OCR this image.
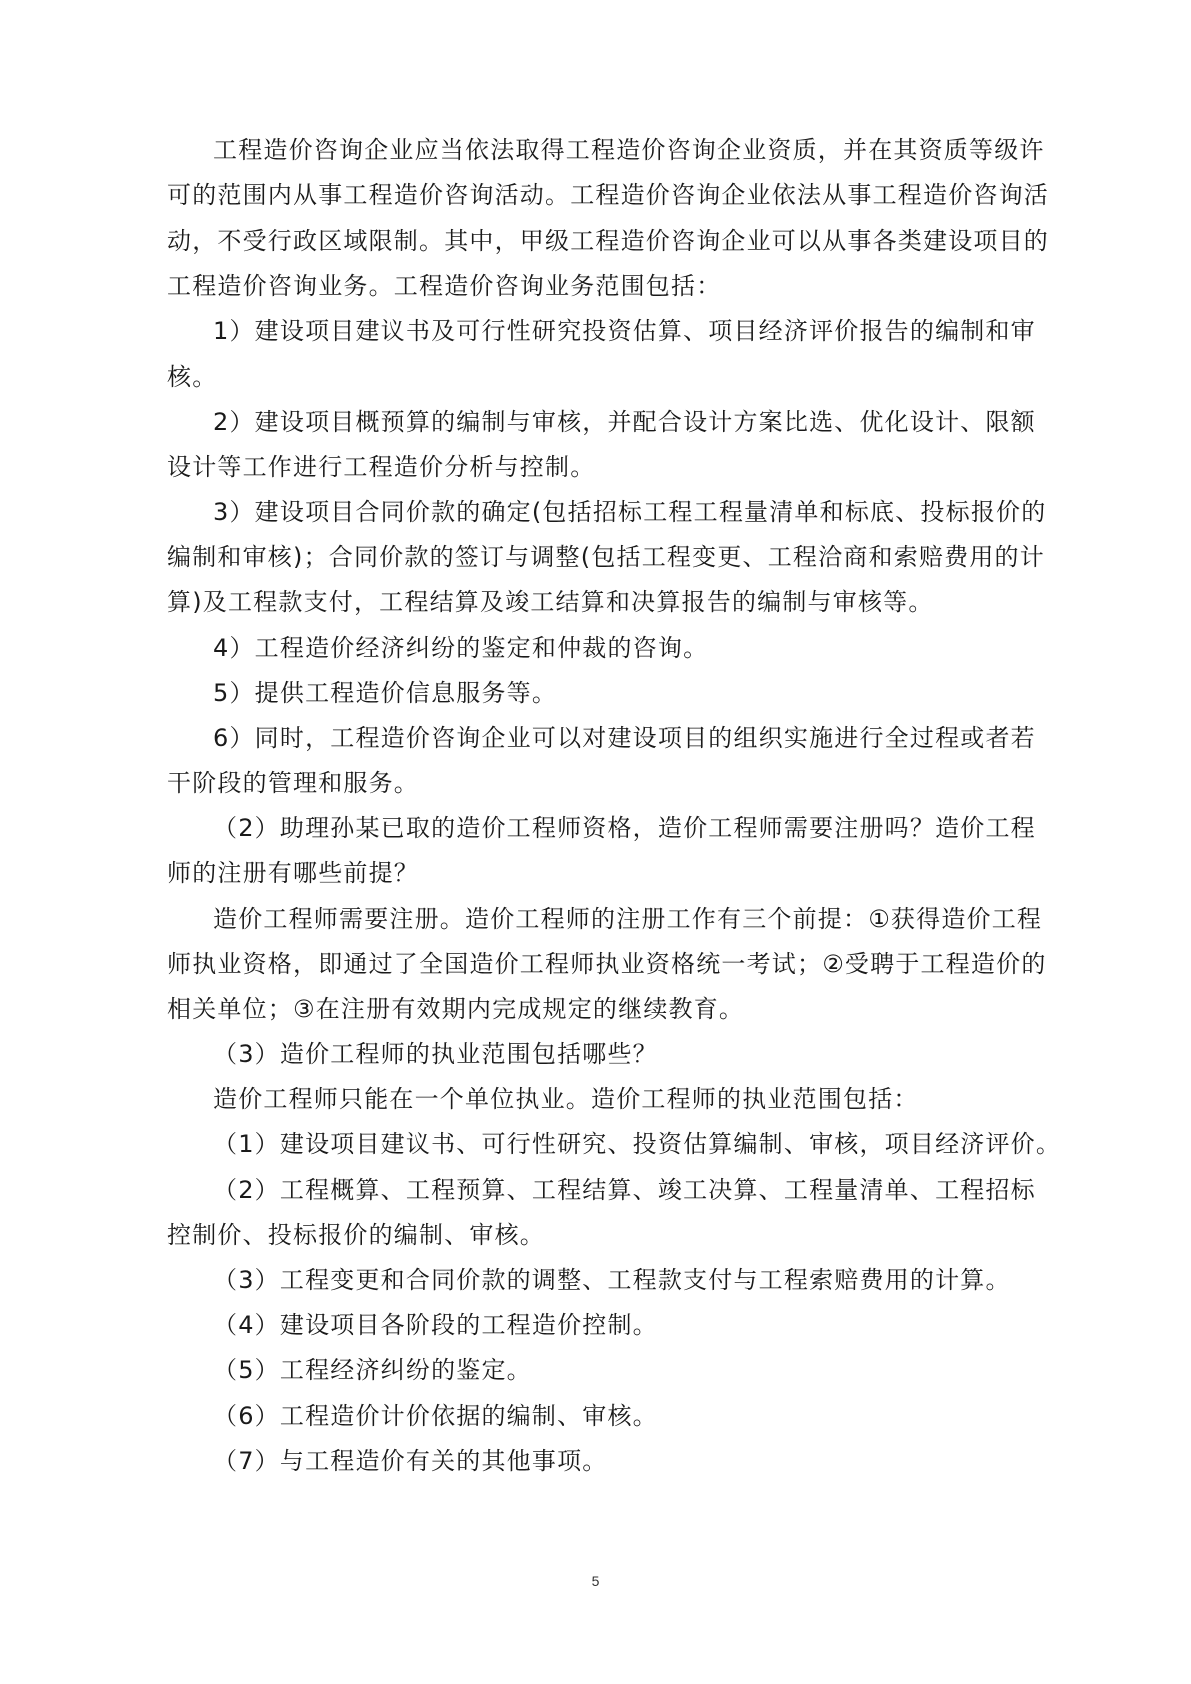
工程造价咨询企业应当依法取得工程造价咨询企业资质，并在其资质等级许
可的范围内从事工程造价咨询活动。工程造价咨询企业依法从事工程造价咨询活
动，不受行政区域限制。其中，甲级工程造价咨询企业可以从事各类建设项目的
工程造价咨询业务。工程造价咨询业务范围包括：
1）建设项目建议书及可行性研究投资估算、项目经济评价报告的编制和审
核。
2）建设项目概预算的编制与审核，并配合设计方案比选、优化设计、限额
设计等工作进行工程造价分析与控制。
3）建设项目合同价款的确定(包括招标工程工程量清单和标底、投标报价的
编制和审核)；合同价款的签订与调整(包括工程变更、工程洽商和索赔费用的计
算)及工程款支付，工程结算及竣工结算和决算报告的编制与审核等。
4）工程造价经济纠纷的鉴定和仲裁的咨询。
5）提供工程造价信息服务等。
6）同时，工程造价咨询企业可以对建设项目的组织实施进行全过程或者若
干阶段的管理和服务。
（2）助理孙某已取的造价工程师资格，造价工程师需要注册吗？造价工程
师的注册有哪些前提？
造价工程师需要注册。造价工程师的注册工作有三个前提：①获得造价工程
师执业资格，即通过了全国造价工程师执业资格统一考试；②受聘于工程造价的
相关单位；③在注册有效期内完成规定的继续教育。
（3）造价工程师的执业范围包括哪些？
造价工程师只能在一个单位执业。造价工程师的执业范围包括：
（1）建设项目建议书、可行性研究、投资估算编制、审核，项目经济评价。
（2）工程概算、工程预算、工程结算、竣工决算、工程量清单、工程招标
控制价、投标报价的编制、审核。
（3）工程变更和合同价款的调整、工程款支付与工程索赔费用的计算。
（4）建设项目各阶段的工程造价控制。
（5）工程经济纠纷的鉴定。
（6）工程造价计价依据的编制、审核。
（7）与工程造价有关的其他事项。
5
